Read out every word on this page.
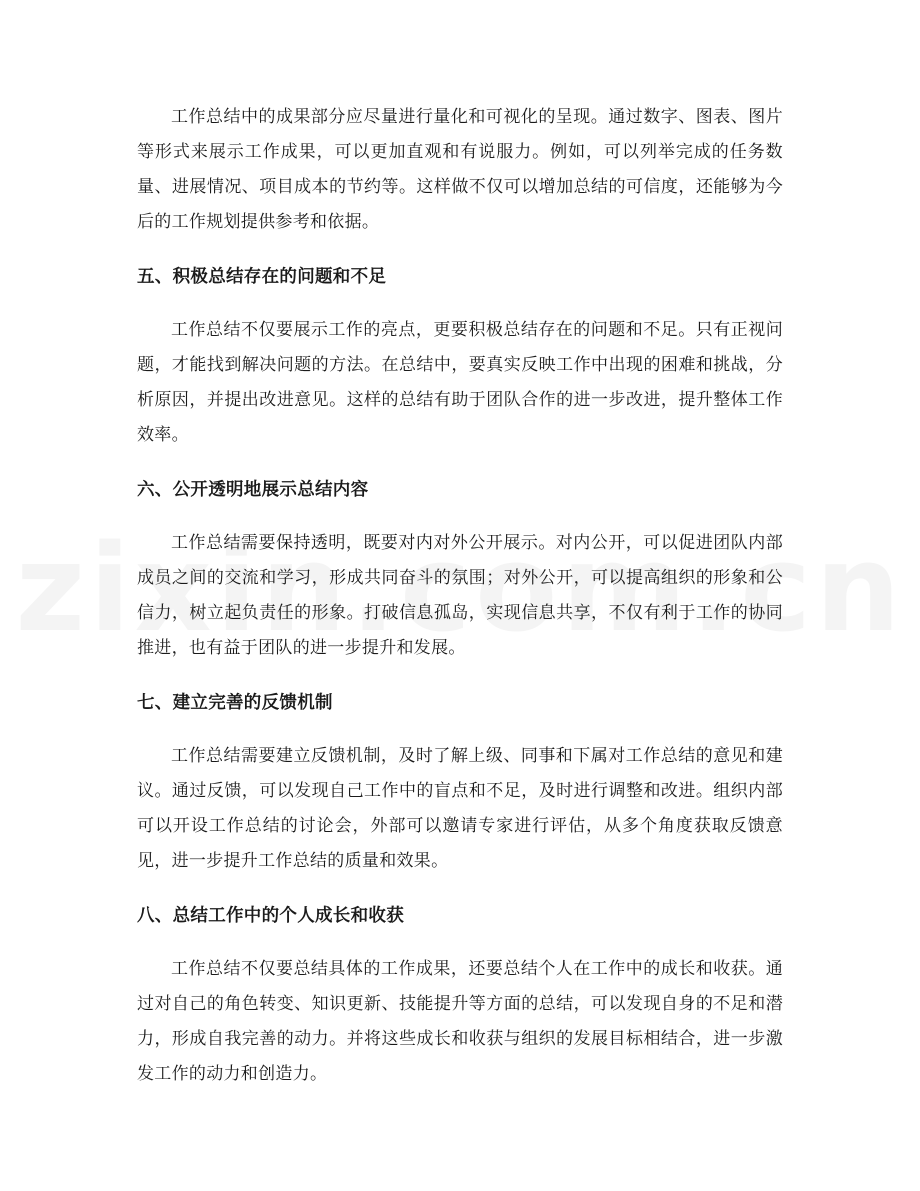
工作总结中的成果部分应尽量进行量化和可视化的呈现。通过数字、图表、图片等形式来展示工作成果，可以更加直观和有说服力。例如，可以列举完成的任务数量、进展情况、项目成本的节约等。这样做不仅可以增加总结的可信度，还能够为今后的工作规划提供参考和依据。

五、积极总结存在的问题和不足

工作总结不仅要展示工作的亮点，更要积极总结存在的问题和不足。只有正视问题，才能找到解决问题的方法。在总结中，要真实反映工作中出现的困难和挑战，分析原因，并提出改进意见。这样的总结有助于团队合作的进一步改进，提升整体工作效率。

六、公开透明地展示总结内容

工作总结需要保持透明，既要对内对外公开展示。对内公开，可以促进团队内部成员之间的交流和学习，形成共同奋斗的氛围；对外公开，可以提高组织的形象和公信力，树立起负责任的形象。打破信息孤岛，实现信息共享，不仅有利于工作的协同推进，也有益于团队的进一步提升和发展。

七、建立完善的反馈机制

工作总结需要建立反馈机制，及时了解上级、同事和下属对工作总结的意见和建议。通过反馈，可以发现自己工作中的盲点和不足，及时进行调整和改进。组织内部可以开设工作总结的讨论会，外部可以邀请专家进行评估，从多个角度获取反馈意见，进一步提升工作总结的质量和效果。

八、总结工作中的个人成长和收获

工作总结不仅要总结具体的工作成果，还要总结个人在工作中的成长和收获。通过对自己的角色转变、知识更新、技能提升等方面的总结，可以发现自身的不足和潜力，形成自我完善的动力。并将这些成长和收获与组织的发展目标相结合，进一步激发工作的动力和创造力。
